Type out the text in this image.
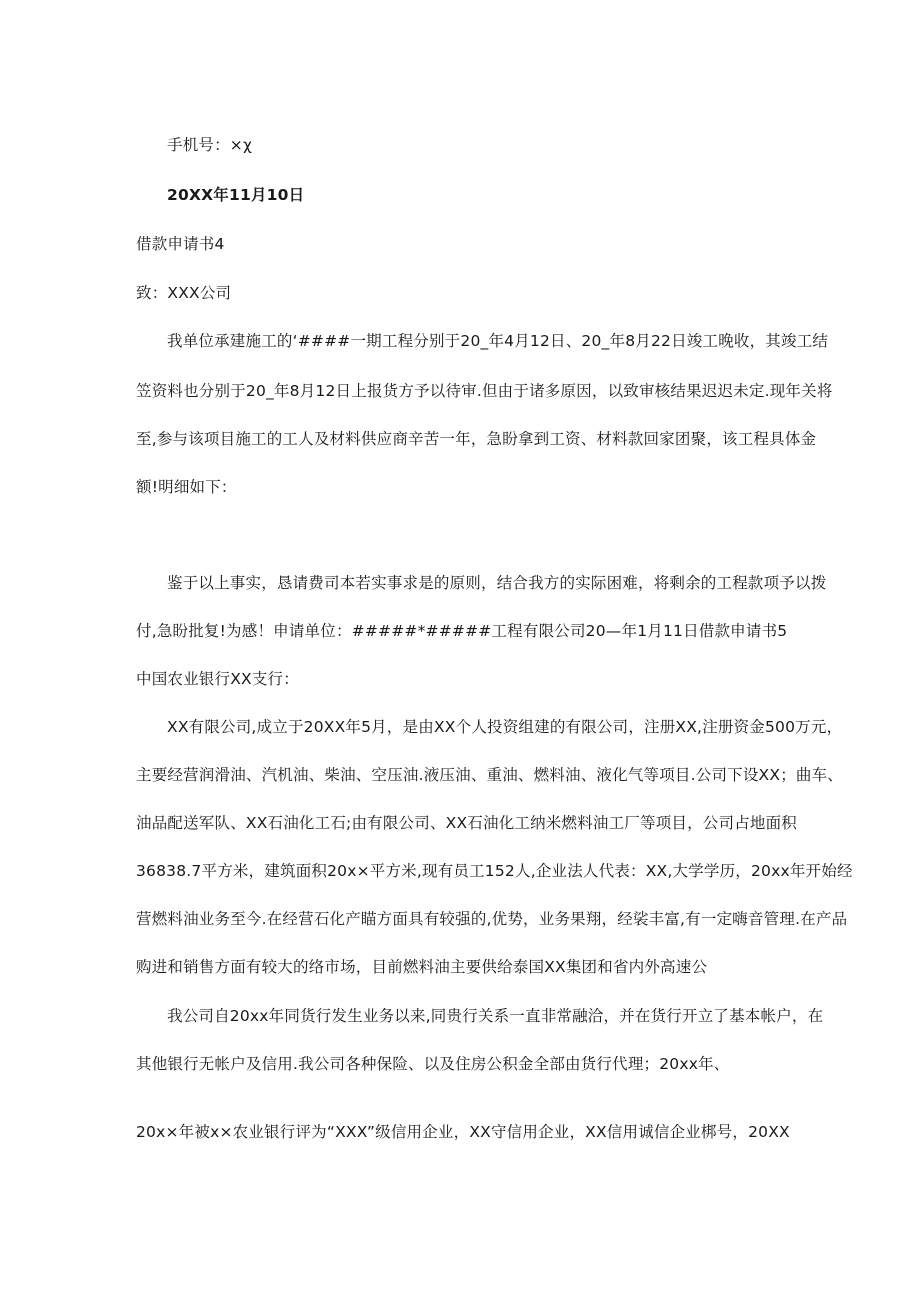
手机号：×χ
20XX年11月10日
借款申请书4
致：XXX公司
我单位承建施工的‘####一期工程分别于20_年4月12日、20_年8月22日竣工晚收，其竣工结
笠资料也分别于20_年8月12日上报货方予以待审.但由于诸多原因，以致审核结果迟迟未定.现年关将
至,参与该项目施工的工人及材料供应商辛苦一年，急盼拿到工资、材料款回家团聚，该工程具体金
额!明细如下：
鉴于以上事实，恳请费司本若实事求是的原则，结合我方的实际困难，将剩余的工程款项予以拨
付,急盼批复!为感！申请单位：#####*#####工程有限公司20—年1月11日借款申请书5
中国农业银行XX支行：
XX有限公司,成立于20XX年5月，是由XX个人投资组建的有限公司，注册XX,注册资金500万元，
主要经营润滑油、汽机油、柴油、空压油.液压油、重油、燃料油、液化气等项目.公司下设XX；曲车、
油品配送军队、XX石油化工石;由有限公司、XX石油化工纳米燃料油工厂等项目，公司占地面积
36838.7平方米，建筑面积20x×平方米,现有员工152人,企业法人代表：XX,大学学历，20xx年开始经
营燃料油业务至今.在经营石化产瞄方面具有较强的,优势，业务果翔，经裟丰富,有一定嗨音管理.在产品
购进和销售方面有较大的络市场，目前燃料油主要供给泰国XX集团和省内外高速公
我公司自20xx年同货行发生业务以来,同贵行关系一直非常融洽，并在货行开立了基本帐户，在
其他银行无帐户及信用.我公司各种保险、以及住房公积金全部由货行代理；20xx年、
20x×年被x×农业银行评为“XXX”级信用企业，XX守信用企业，XX信用诚信企业梆号，20XX
